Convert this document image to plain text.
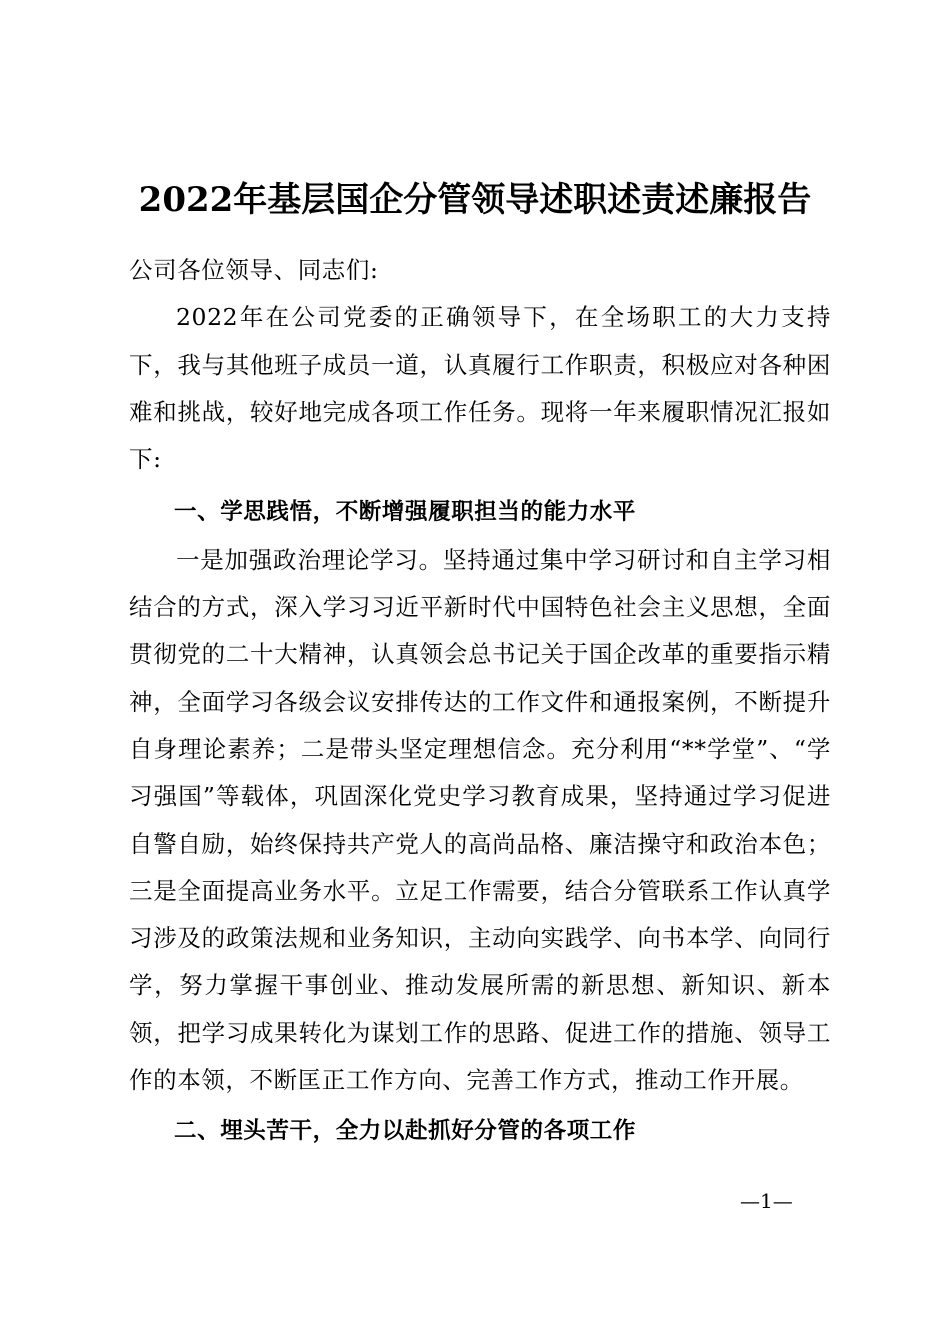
2022年基层国企分管领导述职述责述廉报告

公司各位领导、同志们:

2022年在公司党委的正确领导下，在全场职工的大力支持下，我与其他班子成员一道，认真履行工作职责，积极应对各种困难和挑战，较好地完成各项工作任务。现将一年来履职情况汇报如下:

一、学思践悟，不断增强履职担当的能力水平

一是加强政治理论学习。坚持通过集中学习研讨和自主学习相结合的方式，深入学习习近平新时代中国特色社会主义思想，全面贯彻党的二十大精神，认真领会总书记关于国企改革的重要指示精神，全面学习各级会议安排传达的工作文件和通报案例，不断提升自身理论素养；二是带头坚定理想信念。充分利用“**学堂”、“学习强国”等载体，巩固深化党史学习教育成果，坚持通过学习促进自警自励，始终保持共产党人的高尚品格、廉洁操守和政治本色；三是全面提高业务水平。立足工作需要，结合分管联系工作认真学习涉及的政策法规和业务知识，主动向实践学、向书本学、向同行学，努力掌握干事创业、推动发展所需的新思想、新知识、新本领，把学习成果转化为谋划工作的思路、促进工作的措施、领导工作的本领，不断匡正工作方向、完善工作方式，推动工作开展。

二、埋头苦干，全力以赴抓好分管的各项工作

—1—
